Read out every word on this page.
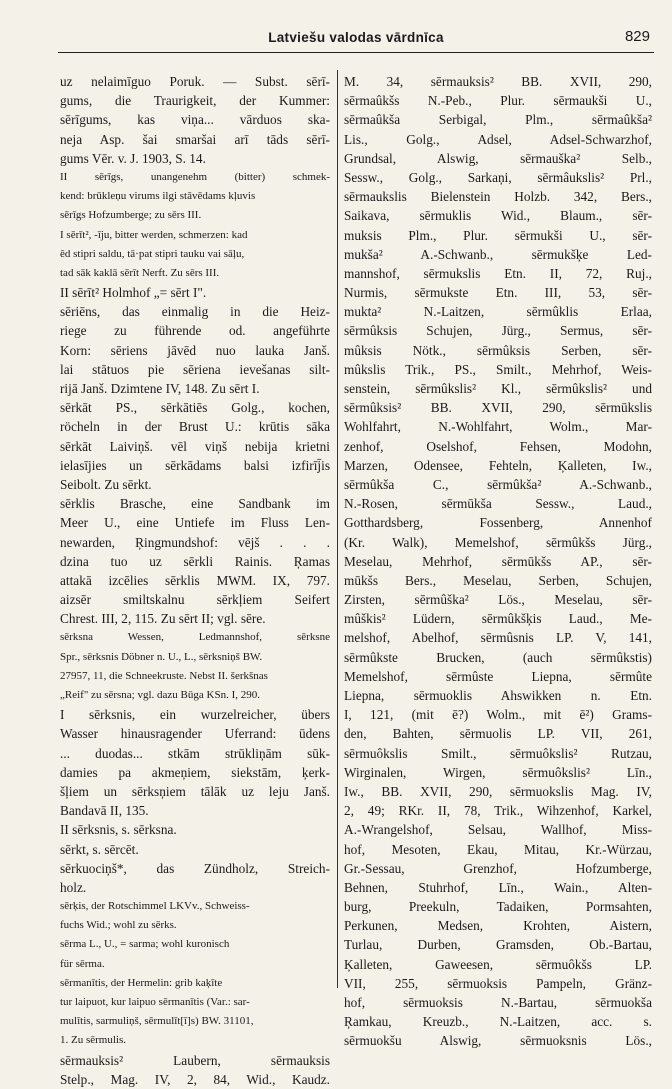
Latviešu valodas vārdnīca	829
uz nelaimīguo Poruk. — Subst. sērī-
gums, die Traurigkeit, der Kummer:
sērīgums, kas viņa... vārduos ska-
neja Asp. šai smaršai arī tāds sērī-
gums Vēr. v. J. 1903, S. 14.
II sērīgs, unangenehm (bitter) schmek-
kend: brūkleņu virums ilgi stāvēdams kļuvis
sērīgs Hofzumberge; zu sērs III.
I sērīt², -īju, bitter werden, schmerzen: kad
ēd stipri saldu, tā·pat stipri tauku vai sāļu,
tad sāk kaklā sērīt Nerft. Zu sērs III.
II sērīt² Holmhof „= sērt I".
sēriēns, das einmalig in die Heiz-
riege zu führende od. angeführte
Korn: sēriens jāvēd nuo lauka Janš.
lai stātuos pie sēriena ievešanas silt-
rijā Janš. Dzimtene IV, 148. Zu sērt I.
sērkāt PS., sērkātiēs Golg., kochen,
röcheln in der Brust U.: krūtis sāka
sērkāt Laiviņš. vēl viņš nebija krietni
ielasījies un sērkādams balsi izfirīj̄is
Seibolt. Zu sērkt.
sērklis Brasche, eine Sandbank im
Meer U., eine Untiefe im Fluss Len-
newarden, Ŗingmundshof: vējš . . .
dzina tuo uz sērkli Rainis. Ŗamas
attakā izcēlies sērklis MWM. IX, 797.
aizsēr smiltskalnu sērkļiem Seifert
Chrest. III, 2, 115. Zu sērt II; vgl. sēre.
sērksna Wessen, Ledmannshof, sērksne
Spr., sērksnis Döbner n. U., L., sērksniņš BW.
27957, 11, die Schneekruste. Nebst II. šerkšnas
„Reif" zu sērsna; vgl. dazu Būga KSn. I, 290.
I sērksnis, ein wurzelreicher, übers
Wasser hinausragender Uferrand: ūdens
... duodas... stkām strūkliņām sūk-
damies pa akmeņiem, siekstām, ķerk-
šļiem un sērksņiem tālāk uz leju Janš.
Bandavā II, 135.
II sērksnis, s. sērksna.
sērkt, s. sērcēt.
sērkuociņš*, das Zündholz, Streich-
holz.
sērķis, der Rotschimmel LKVv., Schweiss-
fuchs Wid.; wohl zu sērks.
sērma L., U., = sarma; wohl kuronisch
für sērma.
sērmanītis, der Hermelin: grib kaķīte
tur laipuot, kur laipuo sērmanītis (Var.: sar-
mulītis, sarmuliņš, sērmulīt[ī]s) BW. 31101,
1. Zu sērmulis.
sērmauksis² Laubern, sērmauksis
Stelp., Mag. IV, 2, 84, Wid., Kaudz.
M. 34, sērmauksis² BB. XVII, 290,
sērmaûkšs N.-Peb., Plur. sērmaukši U.,
sērmaûkša Serbigal, Plm., sērmaûkša²
Lis., Golg., Adsel, Adsel-Schwarzhof,
Grundsal, Alswig, sērmauška² Selb.,
Sessw., Golg., Sarkaņi, sērmâukslis² Prl.,
sērmaukslis Bielenstein Holzb. 342, Bers.,
Saikava, sērmuklis Wid., Blaum., sēr-
muksis Plm., Plur. sērmukši U., sēr-
mukša² A.-Schwanb., sērmukšķe Led-
mannshof, sērmukslis Etn. II, 72, Ruj.,
Nurmis, sērmukste Etn. III, 53, sēr-
mukta² N.-Laitzen, sērmûklis Erlaa,
sērmûksis Schujen, Jürg., Sermus, sēr-
mûksis Nötk., sērmûksis Serben, sēr-
mûkslis Trik., PS., Smilt., Mehrhof, Weis-
senstein, sērmûkslis² Kl., sērmûkslis² und
sērmûksis² BB. XVII, 290, sērmūkslis
Wohlfahrt, N.-Wohlfahrt, Wolm., Mar-
zenhof, Oselshof, Fehsen, Modohn,
Marzen, Odensee, Fehteln, Ķalleten, Iw.,
sērmûkša C., sērmûkša² A.-Schwanb.,
N.-Rosen, sērmūkša Sessw., Laud.,
Gotthardsberg, Fossenberg, Annenhof
(Kr. Walk), Memelshof, sērmûkšs Jürg.,
Meselau, Mehrhof, sērmūkšs AP., sēr-
mūkšs Bers., Meselau, Serben, Schujen,
Zirsten, sērmûška² Lös., Meselau, sēr-
mûškis² Lüdern, sērmûkšķis Laud., Me-
melshof, Abelhof, sērmûsnis LP. V, 141,
sērmûkste Brucken, (auch sērmûkstis)
Memelshof, sērmûste Liepna, sērmûte
Liepna, sērmuoklis Ahswikken n. Etn.
I, 121, (mit ē?) Wolm., mit ē²) Grams-
den, Bahten, sērmuolis LP. VII, 261,
sērmuôkslis Smilt., sērmuôkslis² Rutzau,
Wirginalen, Wirgen, sērmuôkslis² Līn.,
Iw., BB. XVII, 290, sērmuokslis Mag. IV,
2, 49; RKr. II, 78, Trik., Wihzenhof, Karkel,
A.-Wrangelshof, Selsau, Wallhof, Miss-
hof, Mesoten, Ekau, Mitau, Kr.-Würzau,
Gr.-Sessau, Grenzhof, Hofzumberge,
Behnen, Stuhrhof, Līn., Wain., Alten-
burg, Preekuln, Tadaiken, Pormsahten,
Perkunen, Medsen, Krohten, Aistern,
Turlau, Durben, Gramsden, Ob.-Bartau,
Ķalleten, Gaweesen, sērmuôkšs LP.
VII, 255, sērmuoksis Pampeln, Gränz-
hof, sērmuoksis N.-Bartau, sērmuokša
Ŗamkau, Kreuzb., N.-Laitzen, acc. s.
sērmuokšu Alswig, sērmuoksnis Lös.,
